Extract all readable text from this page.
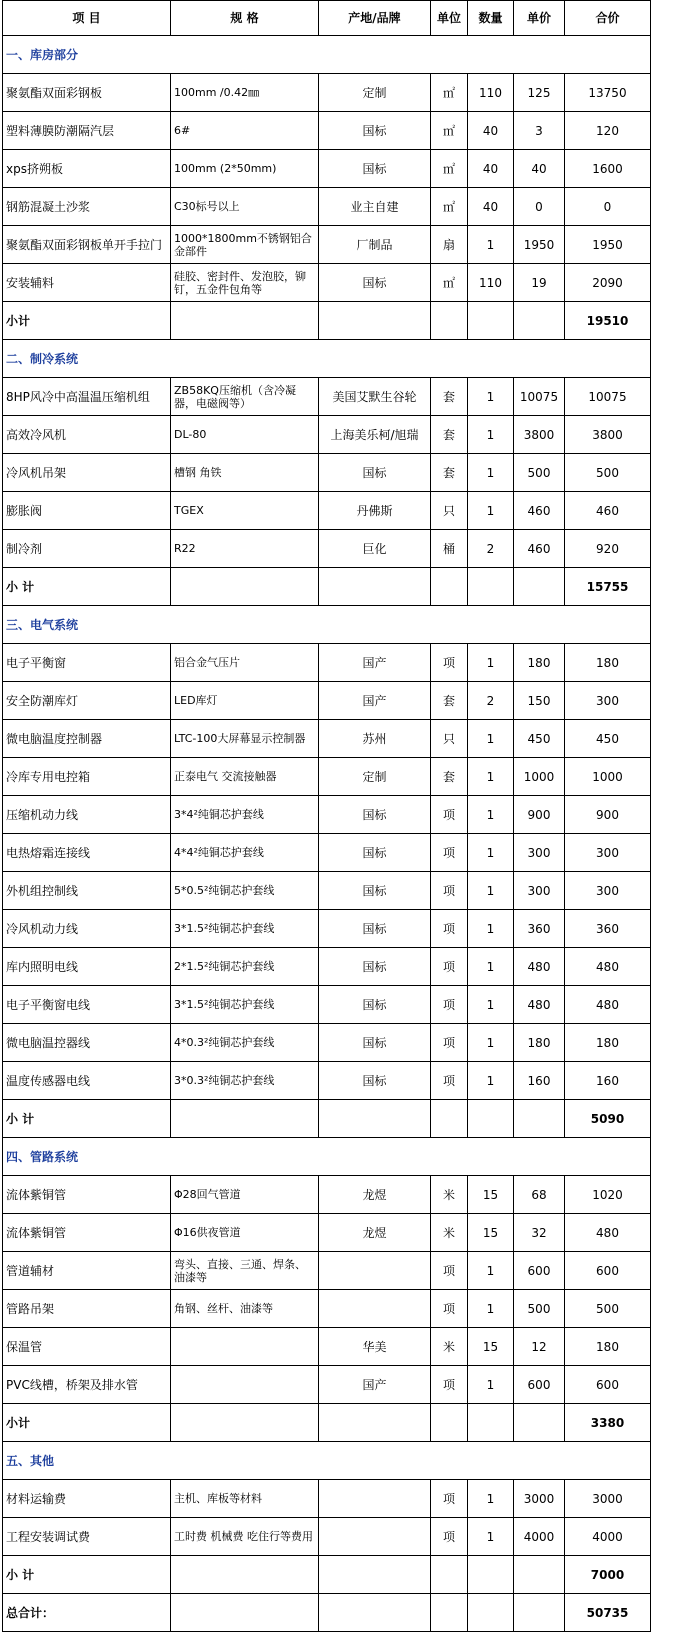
项 目	规 格	产地/品牌	单位	数量	单价	合价
一、库房部分						
聚氨酯双面彩钢板	100mm /0.42㎜	定制	㎡	110	125	13750
塑料薄膜防潮隔汽层	6#	国标	㎡	40	3	120
xps挤朔板	100mm (2*50mm)	国标	㎡	40	40	1600
钢筋混凝土沙浆	C30标号以上	业主自建	㎡	40	0	0
聚氨酯双面彩钢板单开手拉门	1000*1800mm不锈钢铝合金部件	厂制品	扇	1	1950	1950
安装辅料	硅胶、密封件、发泡胶，铆钉，五金件包角等	国标	㎡	110	19	2090
小计						19510
二、制冷系统						
8HP风冷中高温温压缩机组	ZB58KQ压缩机（含冷凝器，电磁阀等）	美国艾默生谷轮	套	1	10075	10075
高效冷风机	DL-80	上海美乐柯/旭瑞	套	1	3800	3800
冷风机吊架	槽钢 角铁	国标	套	1	500	500
膨胀阀	TGEX	丹佛斯	只	1	460	460
制冷剂	R22	巨化	桶	2	460	920
小 计						15755
三、电气系统						
电子平衡窗	铝合金气压片	国产	项	1	180	180
安全防潮库灯	LED库灯	国产	套	2	150	300
微电脑温度控制器	LTC-100大屏幕显示控制器	苏州	只	1	450	450
冷库专用电控箱	正泰电气 交流接触器	定制	套	1	1000	1000
压缩机动力线	3*4²纯铜芯护套线	国标	项	1	900	900
电热熔霜连接线	4*4²纯铜芯护套线	国标	项	1	300	300
外机组控制线	5*0.5²纯铜芯护套线	国标	项	1	300	300
冷风机动力线	3*1.5²纯铜芯护套线	国标	项	1	360	360
库内照明电线	2*1.5²纯铜芯护套线	国标	项	1	480	480
电子平衡窗电线	3*1.5²纯铜芯护套线	国标	项	1	480	480
微电脑温控器线	4*0.3²纯铜芯护套线	国标	项	1	180	180
温度传感器电线	3*0.3²纯铜芯护套线	国标	项	1	160	160
小 计						5090
四、管路系统						
流体紫铜管	Φ28回气管道	龙煜	米	15	68	1020
流体紫铜管	Φ16供夜管道	龙煜	米	15	32	480
管道辅材	弯头、直接、三通、焊条、油漆等		项	1	600	600
管路吊架	角钢、丝杆、油漆等		项	1	500	500
保温管		华美	米	15	12	180
PVC线槽，桥架及排水管		国产	项	1	600	600
小计						3380
五、其他						
材料运输费	主机、库板等材料		项	1	3000	3000
工程安装调试费	工时费 机械费 吃住行等费用		项	1	4000	4000
小 计						7000
总合计：						50735
